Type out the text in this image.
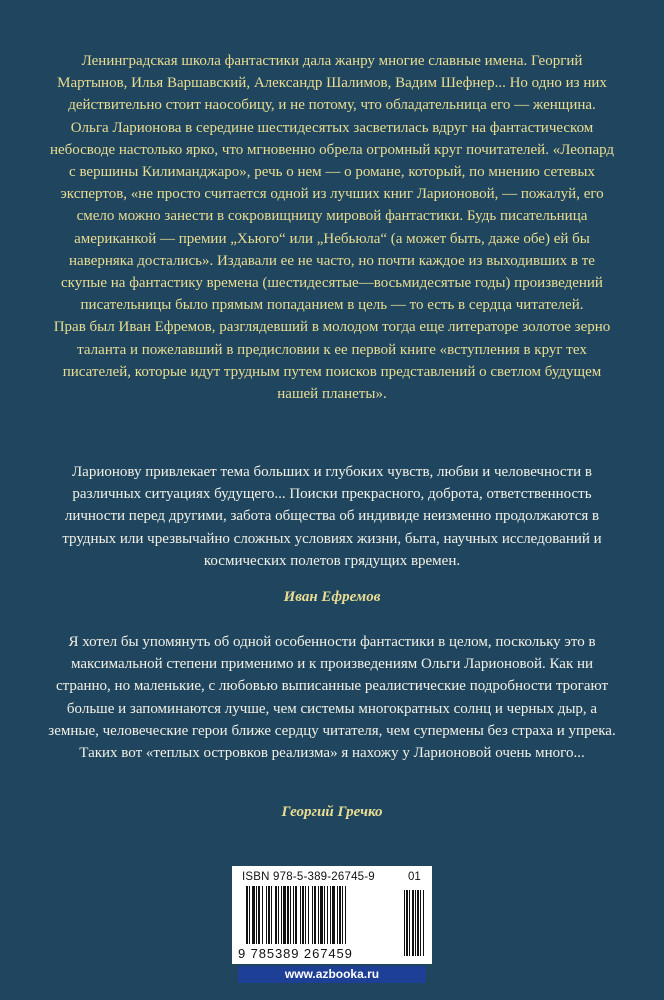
Ленинградская школа фантастики дала жанру многие славные имена. Георгий Мартынов, Илья Варшавский, Александр Шалимов, Вадим Шефнер... Но одно из них действительно стоит наособицу, и не потому, что обладательница его — женщина. Ольга Ларионова в середине шестидесятых засветилась вдруг на фантастическом небосводе настолько ярко, что мгновенно обрела огромный круг почитателей. «Леопард с вершины Килиманджаро», речь о нем — о романе, который, по мнению сетевых экспертов, «не просто считается одной из лучших книг Ларионовой, — пожалуй, его смело можно занести в сокровищницу мировой фантастики. Будь писательница американкой — премии „Хьюго“ или „Небьюла“ (а может быть, даже обе) ей бы наверняка достались». Издавали ее не часто, но почти каждое из выходивших в те скупые на фантастику времена (шестидесятые—восьмидесятые годы) произведений писательницы было прямым попаданием в цель — то есть в сердца читателей.

Прав был Иван Ефремов, разглядевший в молодом тогда еще литераторе золотое зерно таланта и пожелавший в предисловии к ее первой книге «вступления в круг тех писателей, которые идут трудным путем поисков представлений о светлом будущем нашей планеты».

Ларионову привлекает тема больших и глубоких чувств, любви и человечности в различных ситуациях будущего... Поиски прекрасного, доброта, ответственность личности перед другими, забота общества об индивиде неизменно продолжаются в трудных или чрезвычайно сложных условиях жизни, быта, научных исследований и космических полетов грядущих времен.

Иван Ефремов

Я хотел бы упомянуть об одной особенности фантастики в целом, поскольку это в максимальной степени применимо и к произведениям Ольги Ларионовой. Как ни странно, но маленькие, с любовью выписанные реалистические подробности трогают больше и запоминаются лучше, чем системы многократных солнц и черных дыр, а земные, человеческие герои ближе сердцу читателя, чем супермены без страха и упрека. Таких вот «теплых островков реализма» я нахожу у Ларионовой очень много...

Георгий Гречко
ISBN 978-5-389-26745-9	01
9 785389 267459
www.azbooka.ru
